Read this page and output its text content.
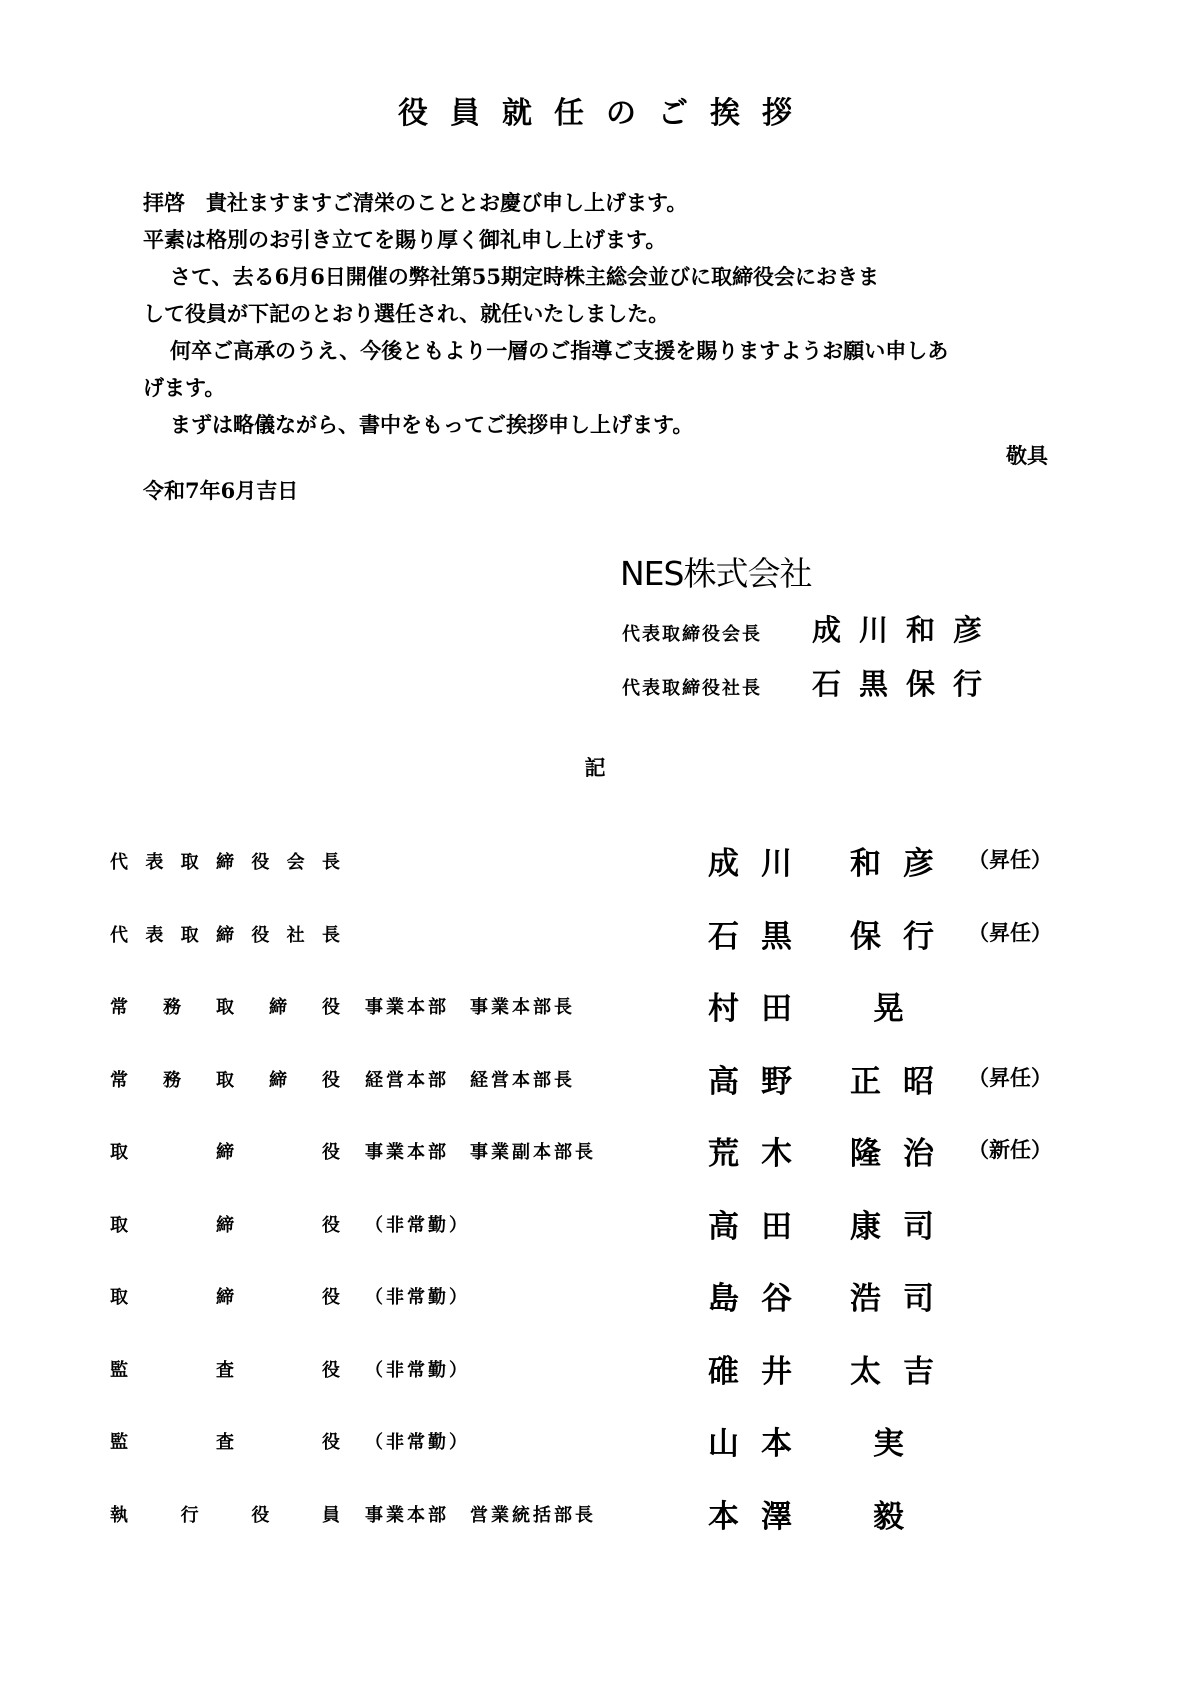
役員就任のご挨拶

拝啓　貴社ますますご清栄のこととお慶び申し上げます。

平素は格別のお引き立てを賜り厚く御礼申し上げます。

さて、去る6月6日開催の弊社第55期定時株主総会並びに取締役会におきま

して役員が下記のとおり選任され、就任いたしました。

何卒ご高承のうえ、今後ともより一層のご指導ご支援を賜りますようお願い申しあ

げます。

まずは略儀ながら、書中をもってご挨拶申し上げます。

敬具
令和7年6月吉日
NES株式会社
代表取締役会長	成川和彦
代表取締役社長	石黒保行
記
代 表 取 締 役 会 長	成川 和彦 （昇任）
代 表 取 締 役 社 長	石黒 保行 （昇任）
常 務 取 締 役 事業本部　事業本部長	村田 晃
常 務 取 締 役 経営本部　経営本部長	高野 正昭 （昇任）
取	締	役 事業本部　事業副本部長	荒木 隆治 （新任）
取	締	役 （非常勤）	高田 康司
取	締	役 （非常勤）	島谷 浩司
監	査	役 （非常勤）	碓井 太吉
監	査	役 （非常勤）	山本 実
執	行	役	員 事業本部　営業統括部長	本澤 毅
